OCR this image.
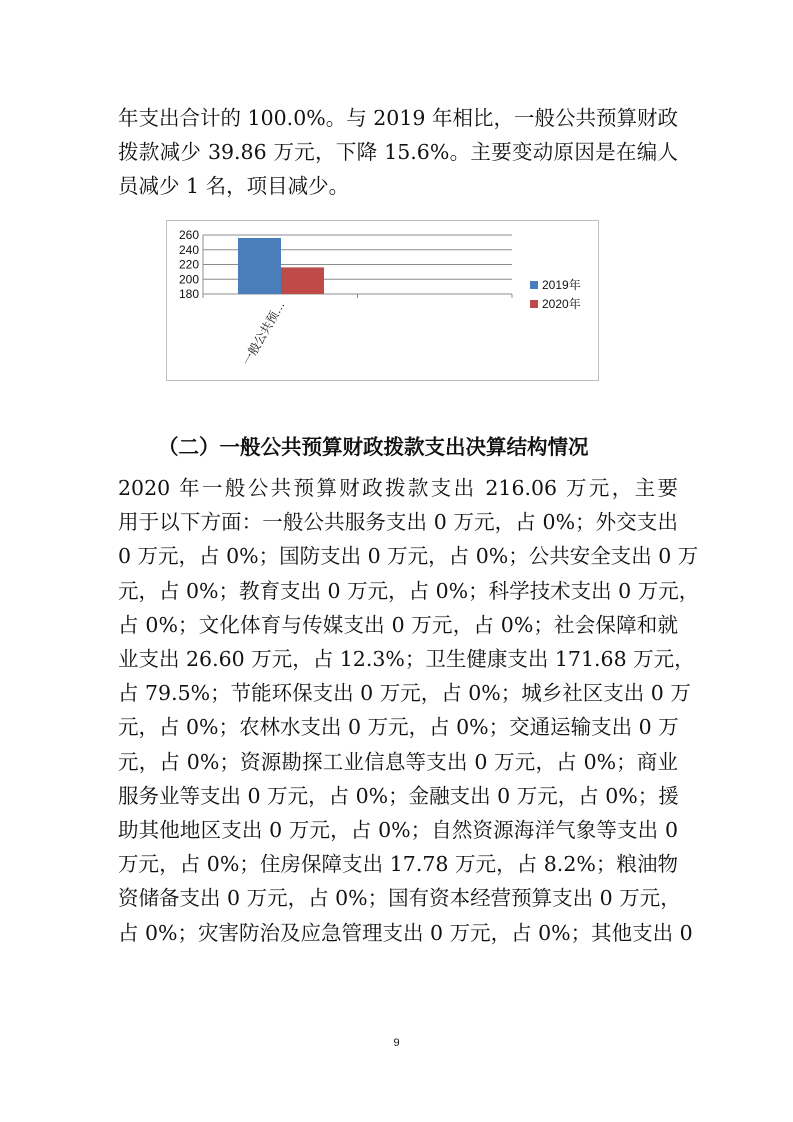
年支出合计的 100.0%。与 2019 年相比，一般公共预算财政
拨款减少 39.86 万元，下降 15.6%。主要变动原因是在编人
员减少 1 名，项目减少。
180
200
220
240
260
一般公共预…
2019年
2020年
（二）一般公共预算财政拨款支出决算结构情况
2020 年一般公共预算财政拨款支出 216.06 万元，主要
用于以下方面：一般公共服务支出 0 万元，占 0%；外交支出
0 万元，占 0%；国防支出 0 万元，占 0%；公共安全支出 0 万
元，占 0%；教育支出 0 万元，占 0%；科学技术支出 0 万元，
占 0%；文化体育与传媒支出 0 万元，占 0%；社会保障和就
业支出 26.60 万元，占 12.3%；卫生健康支出 171.68 万元，
占 79.5%；节能环保支出 0 万元，占 0%；城乡社区支出 0 万
元，占 0%；农林水支出 0 万元，占 0%；交通运输支出 0 万
元，占 0%；资源勘探工业信息等支出 0 万元，占 0%；商业
服务业等支出 0 万元，占 0%；金融支出 0 万元，占 0%；援
助其他地区支出 0 万元，占 0%；自然资源海洋气象等支出 0
万元，占 0%；住房保障支出 17.78 万元，占 8.2%；粮油物
资储备支出 0 万元，占 0%；国有资本经营预算支出 0 万元，
占 0%；灾害防治及应急管理支出 0 万元，占 0%；其他支出 0
9
